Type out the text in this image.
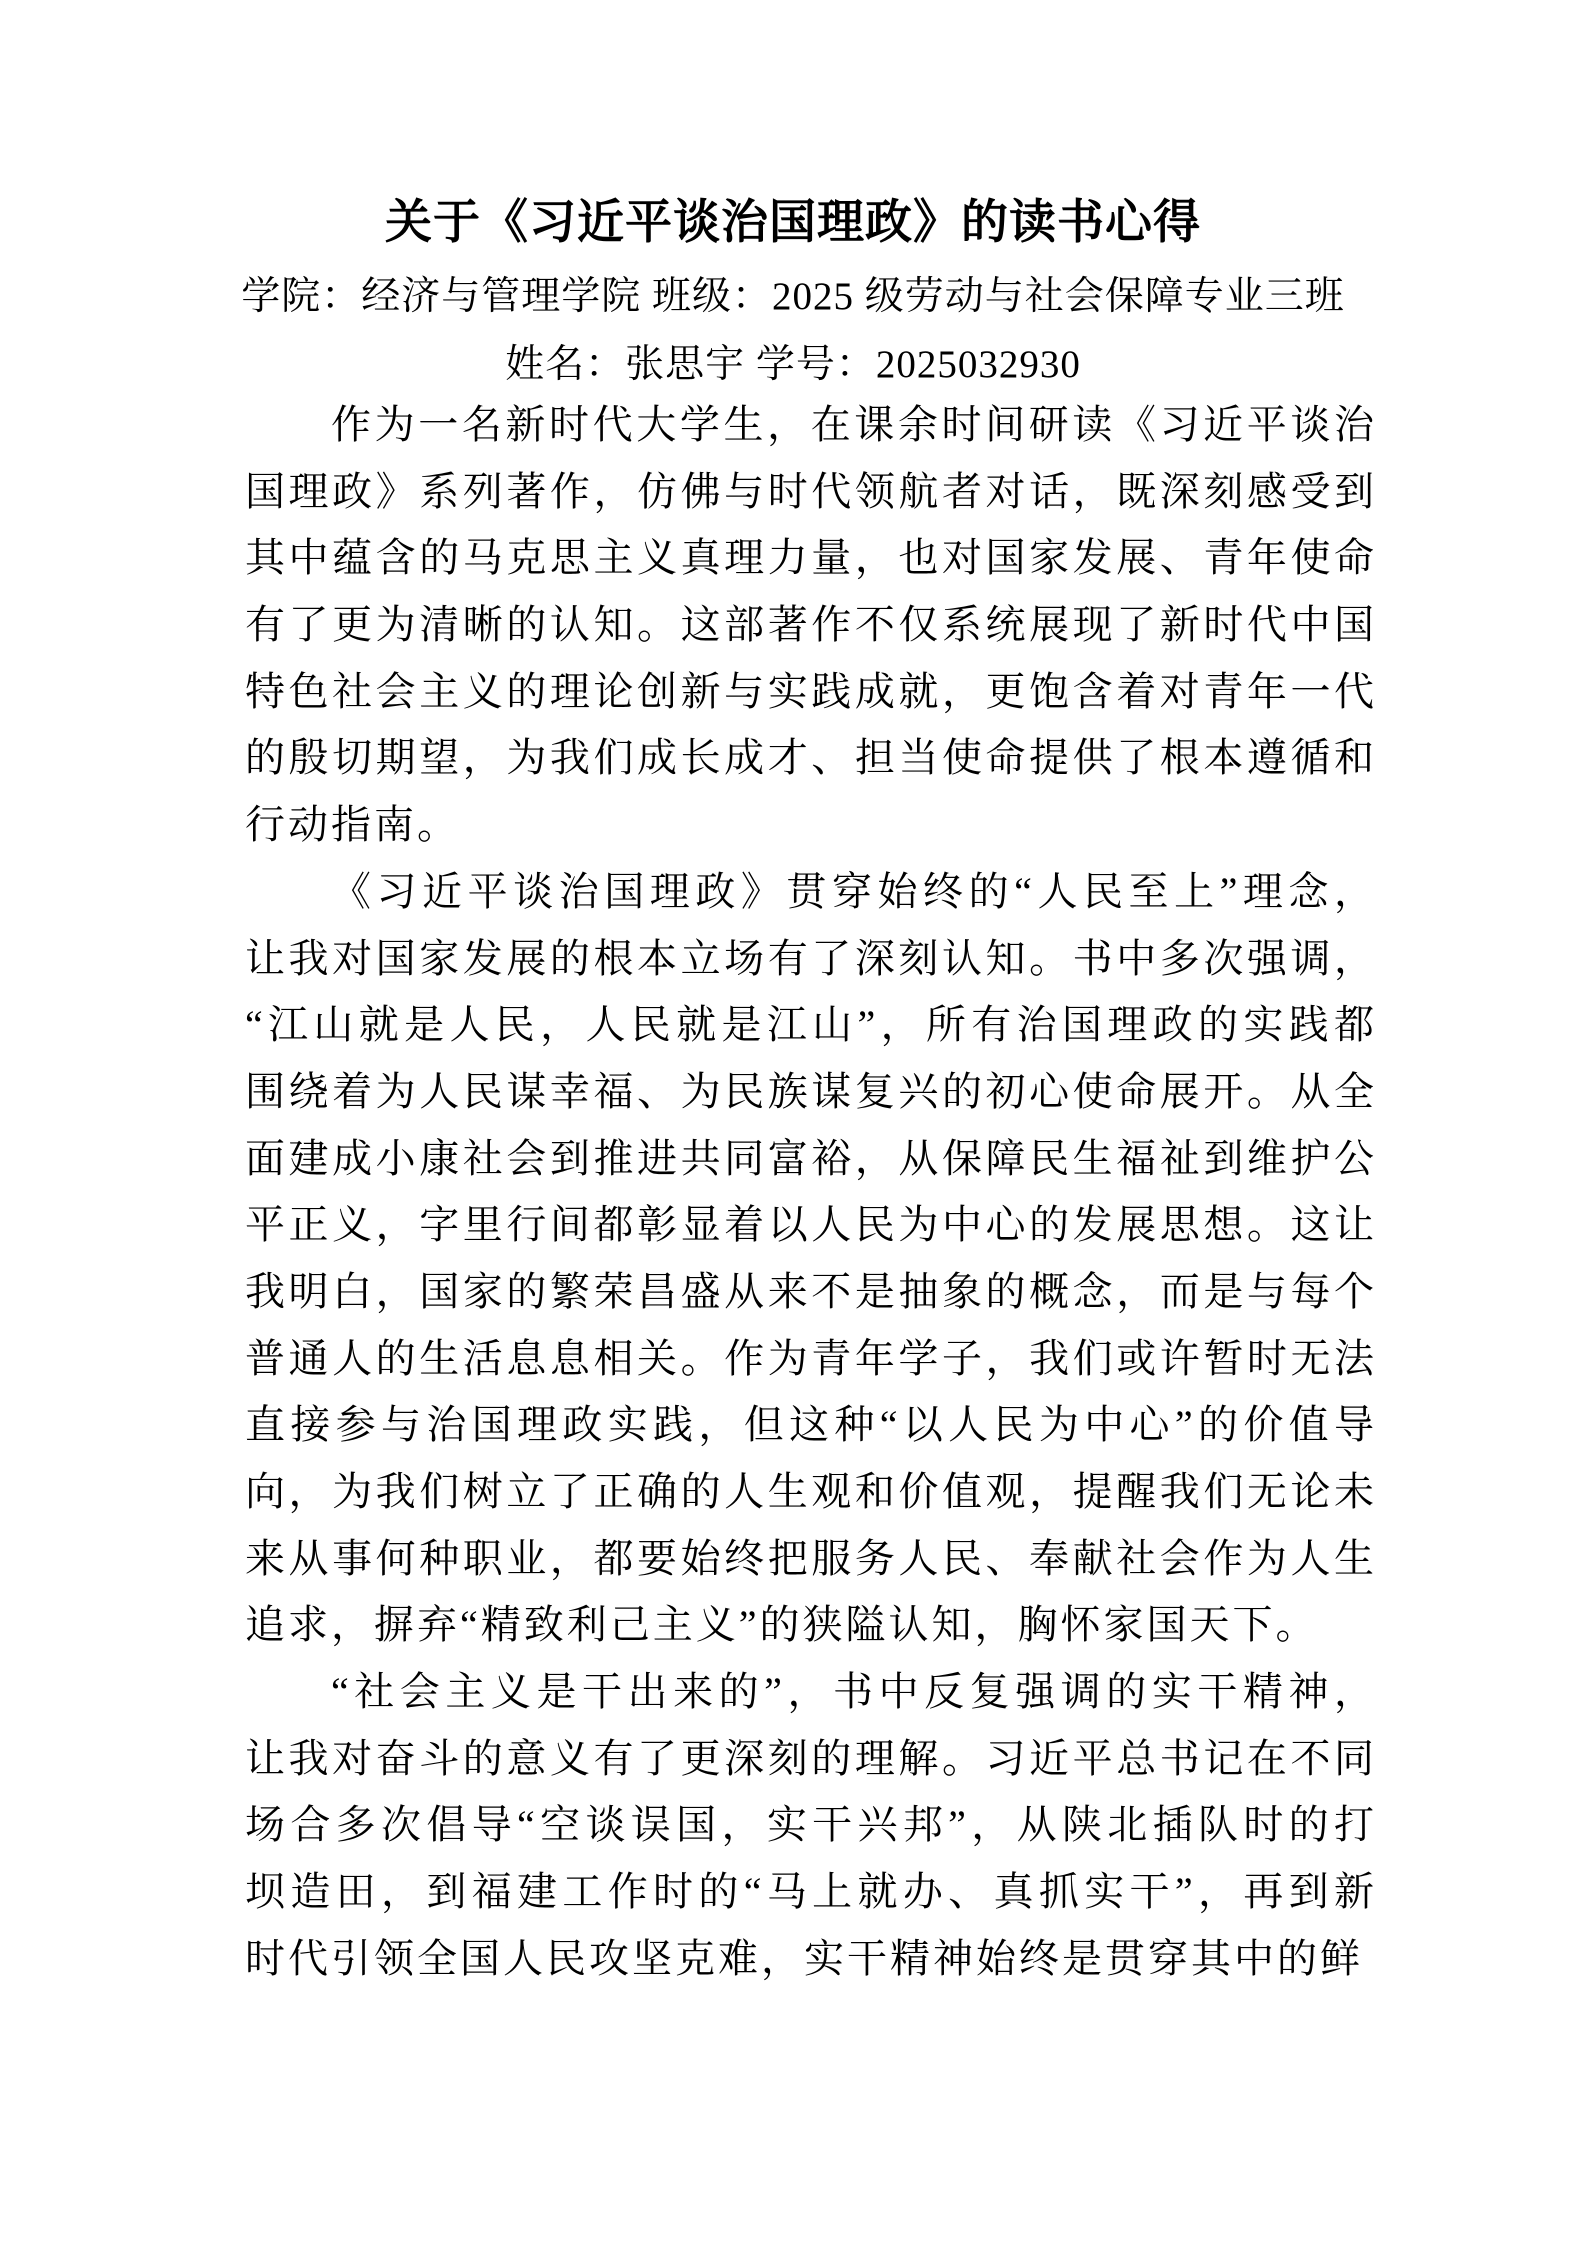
关于《习近平谈治国理政》的读书心得
学院：经济与管理学院 班级：2025 级劳动与社会保障专业三班
姓名：张思宇 学号：2025032930
作为一名新时代大学生，在课余时间研读《习近平谈治
国理政》系列著作，仿佛与时代领航者对话，既深刻感受到
其中蕴含的马克思主义真理力量，也对国家发展、青年使命
有了更为清晰的认知。这部著作不仅系统展现了新时代中国
特色社会主义的理论创新与实践成就，更饱含着对青年一代
的殷切期望，为我们成长成才、担当使命提供了根本遵循和
行动指南。
《习近平谈治国理政》贯穿始终的“人民至上”理念，
让我对国家发展的根本立场有了深刻认知。书中多次强调，
“江山就是人民，人民就是江山”，所有治国理政的实践都
围绕着为人民谋幸福、为民族谋复兴的初心使命展开。从全
面建成小康社会到推进共同富裕，从保障民生福祉到维护公
平正义，字里行间都彰显着以人民为中心的发展思想。这让
我明白，国家的繁荣昌盛从来不是抽象的概念，而是与每个
普通人的生活息息相关。作为青年学子，我们或许暂时无法
直接参与治国理政实践，但这种“以人民为中心”的价值导
向，为我们树立了正确的人生观和价值观，提醒我们无论未
来从事何种职业，都要始终把服务人民、奉献社会作为人生
追求，摒弃“精致利己主义”的狭隘认知，胸怀家国天下。
“社会主义是干出来的”，书中反复强调的实干精神，
让我对奋斗的意义有了更深刻的理解。习近平总书记在不同
场合多次倡导“空谈误国，实干兴邦”，从陕北插队时的打
坝造田，到福建工作时的“马上就办、真抓实干”，再到新
时代引领全国人民攻坚克难，实干精神始终是贯穿其中的鲜
